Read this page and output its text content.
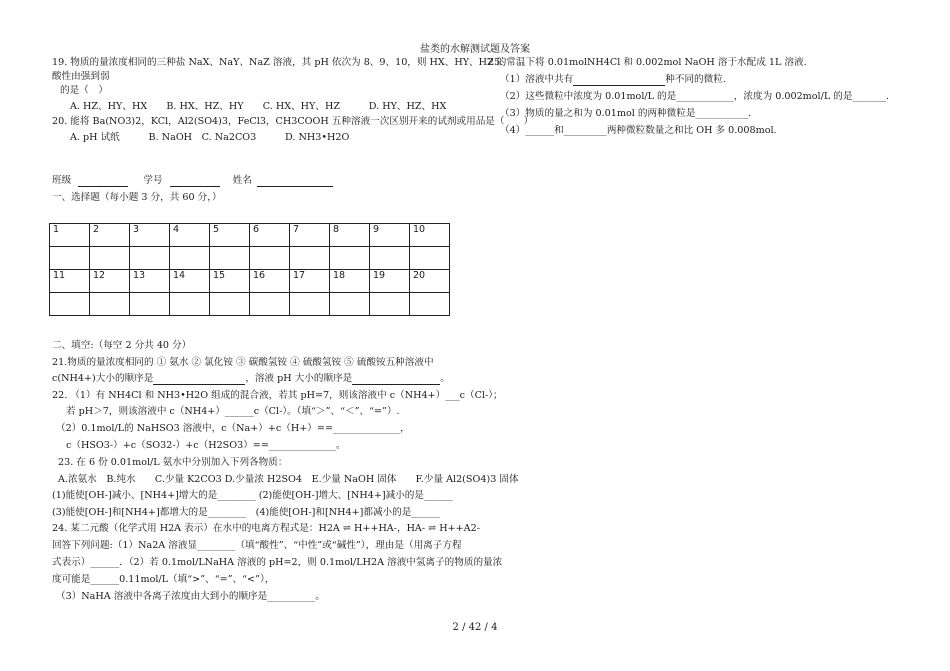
盐类的水解测试题及答案
19. 物质的量浓度相同的三种盐 NaX、NaY、NaZ 溶液，其 pH 依次为 8、9、10，则 HX、HY、HZ 的
酸性由强到弱
的是（　）
A. HZ、HY、HX　　B. HX、HZ、HY　　C. HX、HY、HZ　　　D. HY、HZ、HX
20. 能将 Ba(NO3)2，KCl，Al2(SO4)3，FeCl3，CH3COOH 五种溶液一次区别开来的试剂或用品是（　　）
A. pH 试纸　　　B. NaOH　C. Na2CO3　　　D. NH3•H2O
班级	学号	姓名
一、选择题（每小题 3 分，共 60 分，）
1	2	3	4	5	6	7	8	9	10

11	12	13	14	15	16	17	18	19	20

二、填空:（每空 2 分共 40 分）
21.物质的量浓度相同的 ① 氨水 ② 氯化铵 ③ 碳酸氢铵 ④ 硫酸氢铵 ⑤ 硫酸铵五种溶液中
c(NH4+)大小的顺序是	，溶液 pH 大小的顺序是	。
22. （1）有 NH4Cl 和 NH3•H2O 组成的混合液，若其 pH=7，则该溶液中 c（NH4+）___c（Cl-）；
若 pH＞7，则该溶液中 c（NH4+）______c（Cl-）。（填“＞”、“＜”、“=”）.
（2）0.1mol/L的 NaHSO3 溶液中，c（Na+）+c（H+）==______________，
c（HSO3-）+c（SO32-）+c（H2SO3）==______________。
23. 在 6 份 0.01mol/L 氨水中分别加入下列各物质：
A.浓氨水　B.纯水　　C.少量 K2CO3 D.少量浓 H2SO4　E.少量 NaOH 固体　　F.少量 Al2(SO4)3 固体
(1)能使[OH-]减小、[NH4+]增大的是________ (2)能使[OH-]增大、[NH4+]减小的是______
(3)能使[OH-]和[NH4+]都增大的是________　(4)能使[OH-]和[NH4+]都减小的是______
24. 某二元酸（化学式用 H2A 表示）在水中的电离方程式是：H2A ⇌ H++HA-，HA- ⇌ H++A2-
回答下列问题:（1）Na2A 溶液显________（填“酸性”、“中性”或“碱性”），理由是（用离子方程
式表示）______．（2）若 0.1mol/LNaHA 溶液的 pH=2，则 0.1mol/LH2A 溶液中氢离子的物质的量浓
度可能是______0.11mol/L（填“>”、“=”、“<”），
（3）NaHA 溶液中各离子浓度由大到小的顺序是__________。
25. 常温下将 0.01molNH4Cl 和 0.002mol NaOH 溶于水配成 1L 溶液.
（1）溶液中共有	种不同的微粒.
（2）这些微粒中浓度为 0.01mol/L 的是____________，浓度为 0.002mol/L 的是_______.
（3）物质的量之和为 0.01mol 的两种微粒是___________.
（4）______和_________两种微粒数量之和比 OH 多 0.008mol.
2 / 42 / 4
